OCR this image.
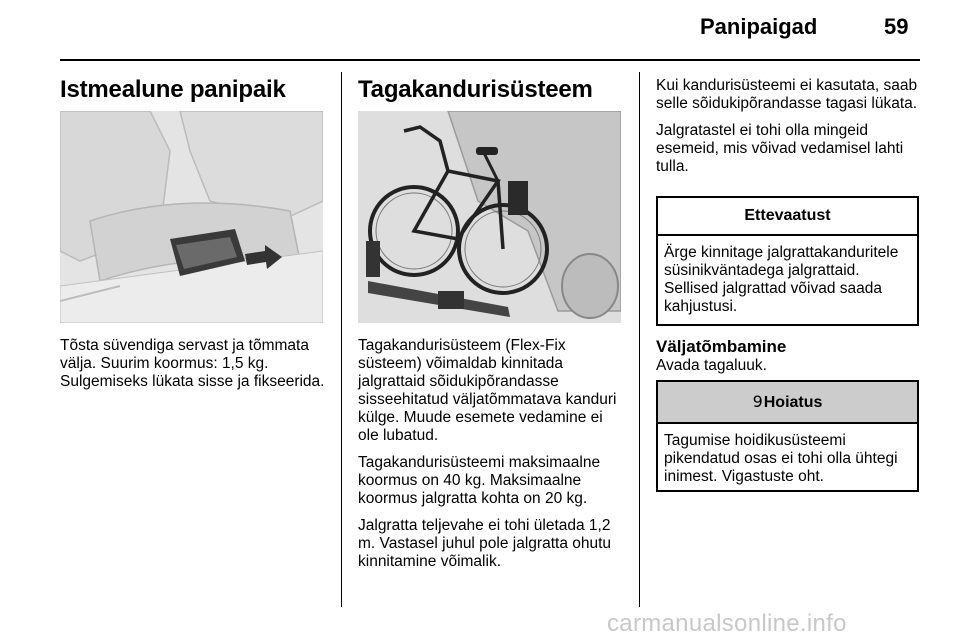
Panipaigad	59
Istmealune panipaik

Tõsta süvendiga servast ja tõmmata välja. Suurim koormus: 1,5 kg. Sulgemiseks lükata sisse ja fikseerida.

Tagakandurisüsteem

Tagakandurisüsteem (Flex-Fix süsteem) võimaldab kinnitada jalgrattaid sõidukipõrandasse sisseehitatud väljatõmmatava kanduri külge. Muude esemete vedamine ei ole lubatud.

Tagakandurisüsteemi maksimaalne koormus on 40 kg. Maksimaalne koormus jalgratta kohta on 20 kg.

Jalgratta teljevahe ei tohi ületada 1,2 m. Vastasel juhul pole jalgratta ohutu kinnitamine võimalik.

Kui kandurisüsteemi ei kasutata, saab selle sõidukipõrandasse tagasi lükata.

Jalgratastel ei tohi olla mingeid esemeid, mis võivad vedamisel lahti tulla.

Ettevaatust
Ärge kinnitage jalgrattakanduritele süsinikväntadega jalgrattaid. Sellised jalgrattad võivad saada kahjustusi.

Väljatõmbamine

Avada tagaluuk.

9Hoiatus
Tagumise hoidikusüsteemi pikendatud osas ei tohi olla ühtegi inimest. Vigastuste oht.
carmanualsonline.info
